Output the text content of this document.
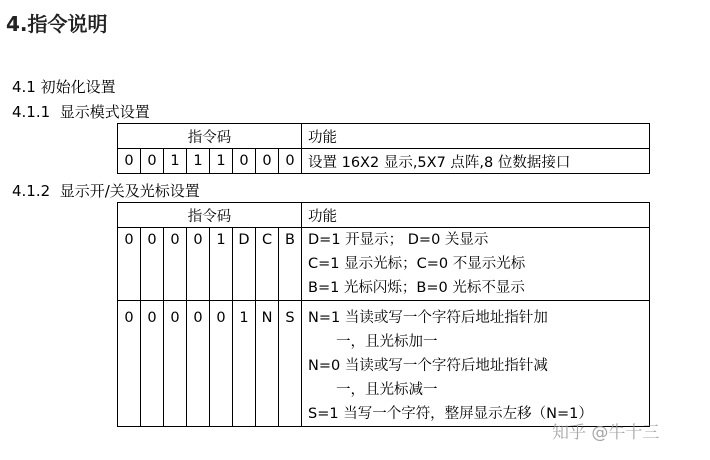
4.指令说明
4.1 初始化设置
4.1.1  显示模式设置
指令码								功能
0	0	1	1	1	0	0	0	设置 16X2 显示,5X7 点阵,8 位数据接口
4.1.2  显示开/关及光标设置
指令码								功能
0	0	0	0	1	D	C	B	D=1 开显示； D=0 关显示
C=1 显示光标；C=0 不显示光标
B=1 光标闪烁；B=0 光标不显示

0	0	0	0	0	1	N	S	N=1 当读或写一个字符后地址指针加
一，且光标加一
N=0 当读或写一个字符后地址指针减
一，且光标减一
S=1 当写一个字符，整屏显示左移（N=1）
知乎 @牛十三
